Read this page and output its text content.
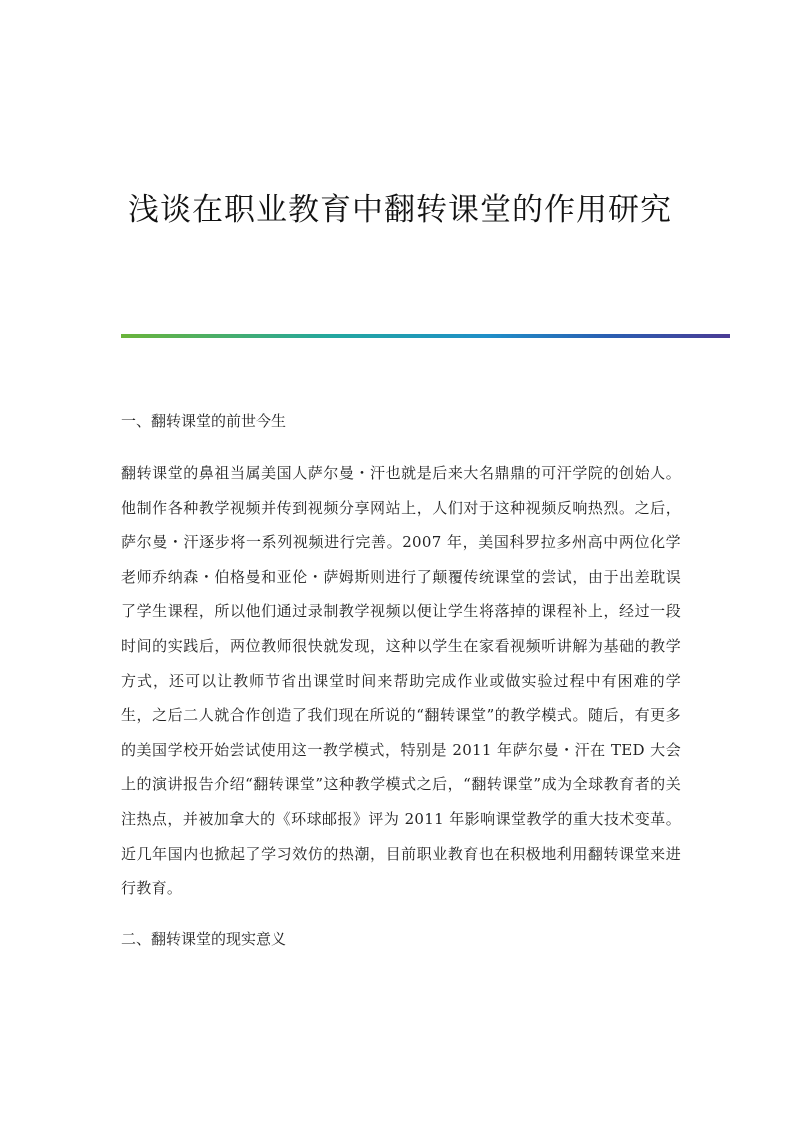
浅谈在职业教育中翻转课堂的作用研究
一、翻转课堂的前世今生

翻转课堂的鼻祖当属美国人萨尔曼・汗也就是后来大名鼎鼎的可汗学院的创始人。他制作各种教学视频并传到视频分享网站上，人们对于这种视频反响热烈。之后，萨尔曼・汗逐步将一系列视频进行完善。2007 年，美国科罗拉多州高中两位化学老师乔纳森・伯格曼和亚伦・萨姆斯则进行了颠覆传统课堂的尝试，由于出差耽误了学生课程，所以他们通过录制教学视频以便让学生将落掉的课程补上，经过一段时间的实践后，两位教师很快就发现，这种以学生在家看视频听讲解为基础的教学方式，还可以让教师节省出课堂时间来帮助完成作业或做实验过程中有困难的学生，之后二人就合作创造了我们现在所说的“翻转课堂”的教学模式。随后，有更多的美国学校开始尝试使用这一教学模式，特别是 2011 年萨尔曼・汗在 TED 大会上的演讲报告介绍“翻转课堂”这种教学模式之后，“翻转课堂”成为全球教育者的关注热点，并被加拿大的《环球邮报》评为 2011 年影响课堂教学的重大技术变革。近几年国内也掀起了学习效仿的热潮，目前职业教育也在积极地利用翻转课堂来进行教育。

二、翻转课堂的现实意义
